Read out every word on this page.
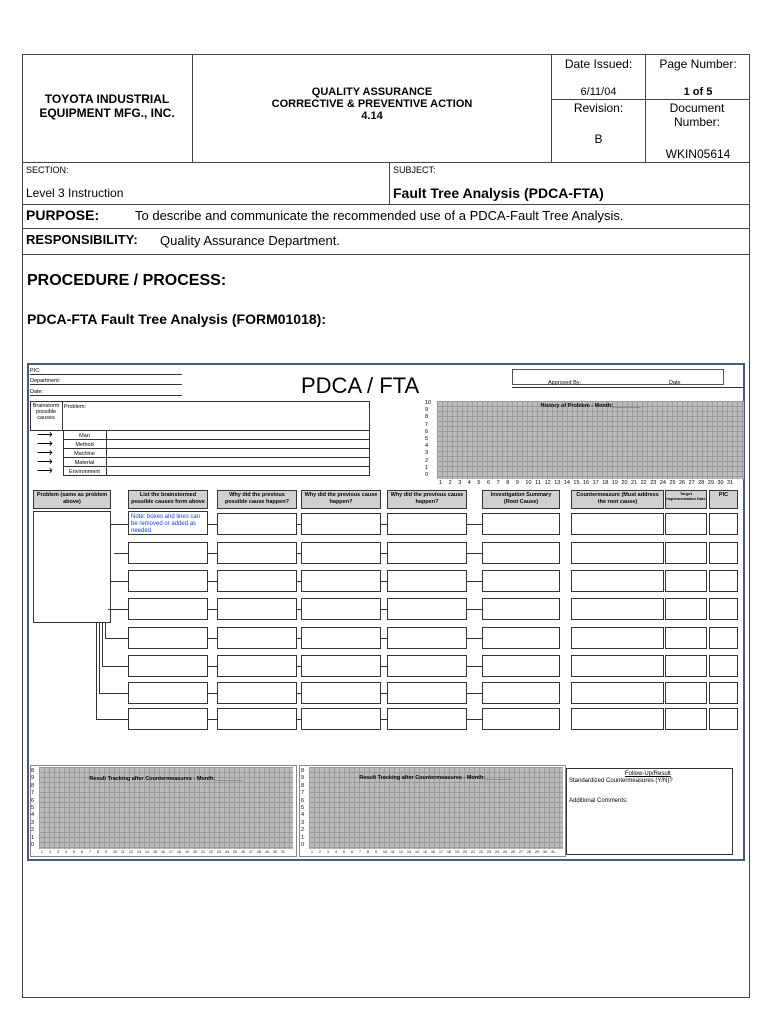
TOYOTA INDUSTRIAL EQUIPMENT MFG., INC.
QUALITY ASSURANCE
CORRECTIVE & PREVENTIVE ACTION
4.14
Date Issued:
6/11/04
Page Number:
1 of 5
Revision:
B
Document Number:
WKIN05614
SECTION:
Level 3 Instruction
SUBJECT:
Fault Tree Analysis (PDCA-FTA)
PURPOSE:	To describe and communicate the recommended use of a PDCA-Fault Tree Analysis.
RESPONSIBILITY: Quality Assurance Department.
PROCEDURE / PROCESS:
PDCA-FTA Fault Tree Analysis (FORM01018):
PIC:
Department:
Date:	PDCA / FTA	Approved By:	Date
Brainstorm possible causes
Problem:
⟶	Man
⟶	Method
⟶	Machine
⟶	Material
⟶	Environment
History of Problem - Month:_________
10
9
8
7
6
5
4
3
2
1
0
1 2 3 4 5 6 7 8 9 10 11 12 13 14 15 16 17 18 19 20 21 22 23 24 25 26 27 28 29 30 31
Problem (same as problem above)
List the brainstormed possible causes form above
Why did the previous possible cause happen?
Why did the previous cause happen?
Why did the previous cause happen?
Investigation Summary (Root Cause)
Countermeasure (Must address the root cause)
Target Implementation Date	PIC
Note: boxes and lines can be removed or added as needed.
Result Tracking after Countermeasures - Month:_________	Result Tracking after Countermeasures - Month:_________
8
9
8
7
6
5
4
3
2
1
0
1 2 3 4 5 6 7 8 9 10 11 12 13 14 15 16 17 18 19 20 21 22 23 24 25 26 27 28 29 30 31
8
9
8
7
6
5
4
3
2
1
0
1 2 3 4 5 6 7 8 9 10 11 12 13 14 15 16 17 18 19 20 21 22 23 24 25 26 27 28 29 30 31
Follow-Up/Result
Standardized Countermeasures (Y/N)?
Additional Comments:
